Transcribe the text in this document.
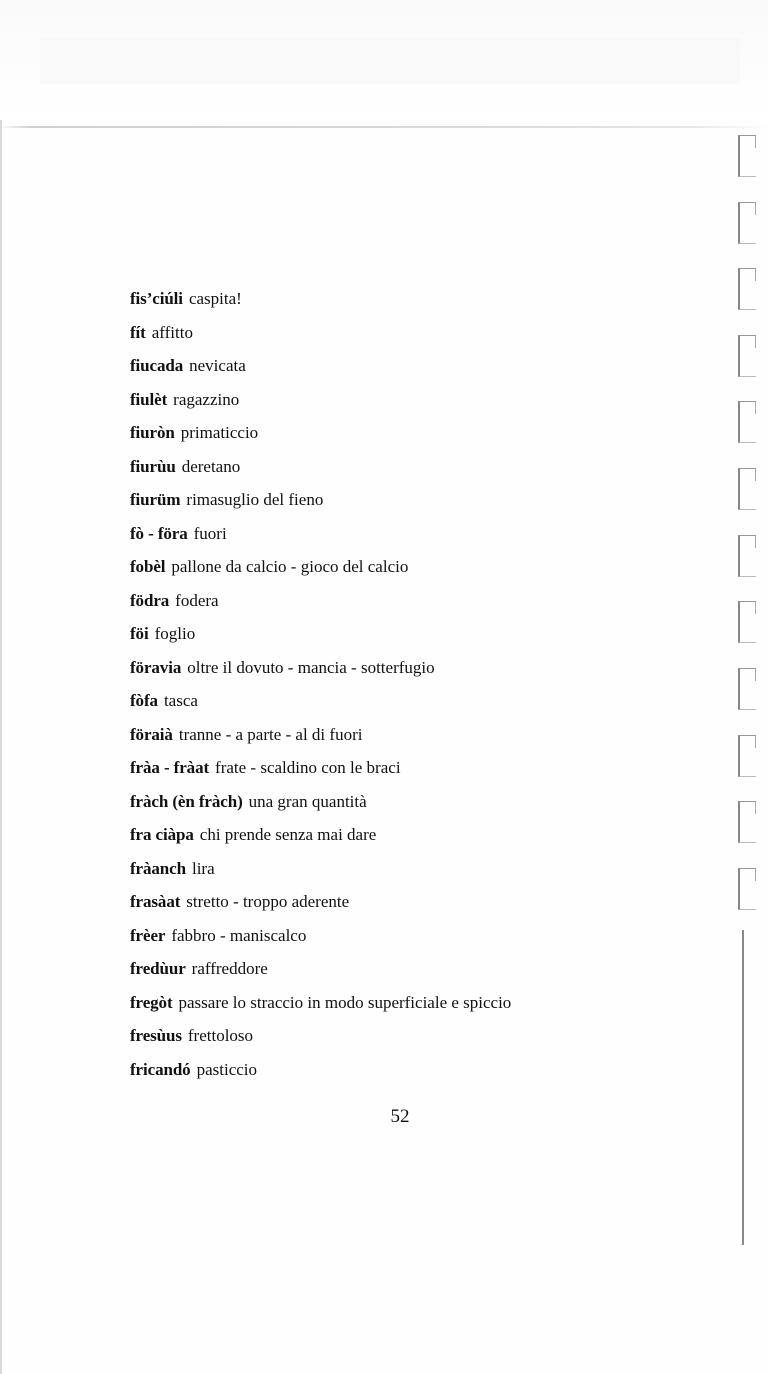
fis’ciúli caspita!
fít affitto
fiucada nevicata
fiulèt ragazzino
fiuròn primaticcio
fiurùu deretano
fiurüm rimasuglio del fieno
fò - föra fuori
fobèl pallone da calcio - gioco del calcio
födra fodera
föi foglio
föravia oltre il dovuto - mancia - sotterfugio
fòfa tasca
föraià tranne - a parte - al di fuori
fràa - fràat frate - scaldino con le braci
fràch (èn fràch) una gran quantità
fra ciàpa chi prende senza mai dare
fràanch lira
frasàat stretto - troppo aderente
frèer fabbro - maniscalco
fredùur raffreddore
fregòt passare lo straccio in modo superficiale e spiccio
fresùus frettoloso
fricandó pasticcio
52
